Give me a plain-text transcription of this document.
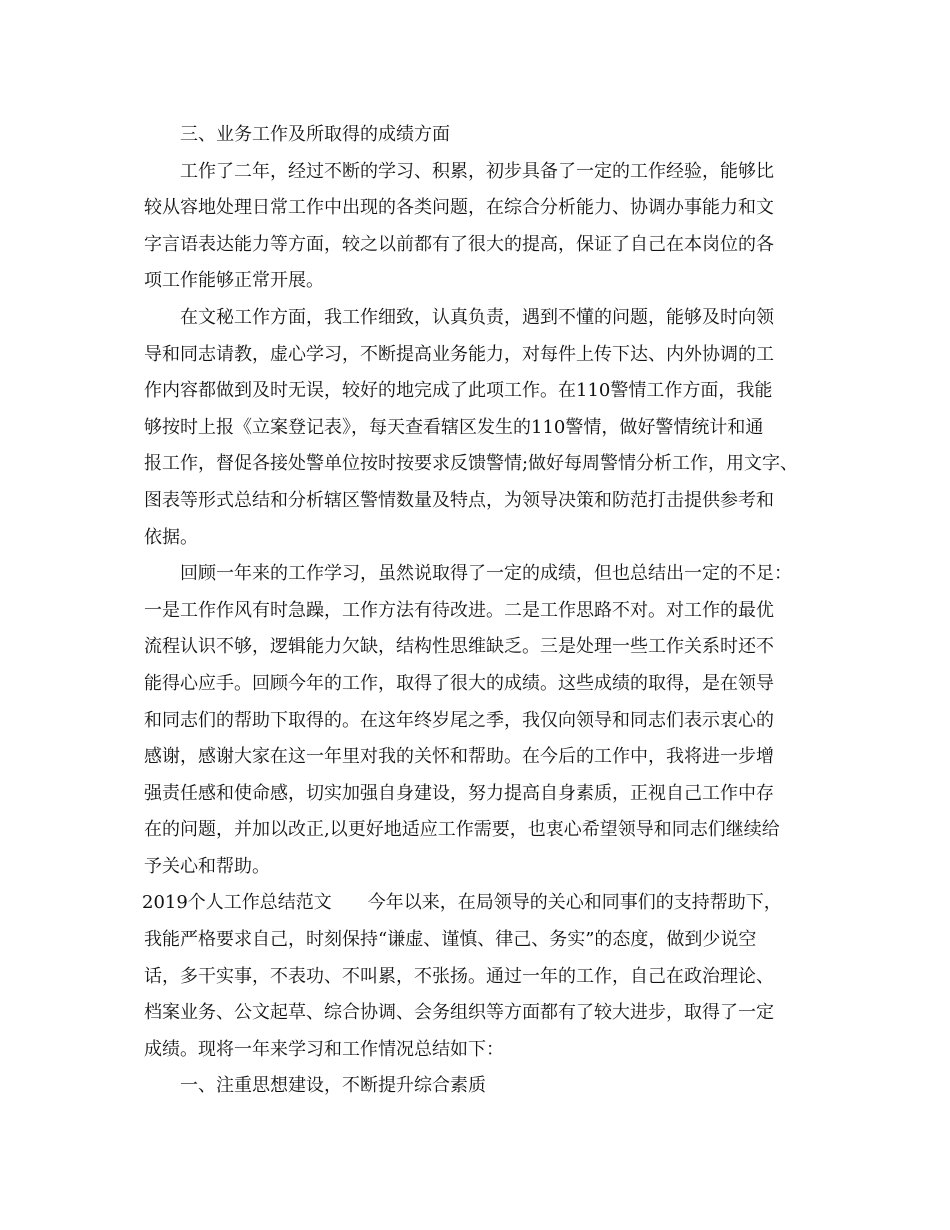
三、业务工作及所取得的成绩方面
工作了二年，经过不断的学习、积累，初步具备了一定的工作经验，能够比
较从容地处理日常工作中出现的各类问题，在综合分析能力、协调办事能力和文
字言语表达能力等方面，较之以前都有了很大的提高，保证了自己在本岗位的各
项工作能够正常开展。
在文秘工作方面，我工作细致，认真负责，遇到不懂的问题，能够及时向领
导和同志请教，虚心学习，不断提高业务能力，对每件上传下达、内外协调的工
作内容都做到及时无误，较好的地完成了此项工作。在110警情工作方面，我能
够按时上报《立案登记表》，每天查看辖区发生的110警情，做好警情统计和通
报工作，督促各接处警单位按时按要求反馈警情;做好每周警情分析工作，用文字、
图表等形式总结和分析辖区警情数量及特点，为领导决策和防范打击提供参考和
依据。
回顾一年来的工作学习，虽然说取得了一定的成绩，但也总结出一定的不足：
一是工作作风有时急躁，工作方法有待改进。二是工作思路不对。对工作的最优
流程认识不够，逻辑能力欠缺，结构性思维缺乏。三是处理一些工作关系时还不
能得心应手。回顾今年的工作，取得了很大的成绩。这些成绩的取得，是在领导
和同志们的帮助下取得的。在这年终岁尾之季，我仅向领导和同志们表示衷心的
感谢，感谢大家在这一年里对我的关怀和帮助。在今后的工作中，我将进一步增
强责任感和使命感，切实加强自身建设，努力提高自身素质，正视自己工作中存
在的问题，并加以改正,以更好地适应工作需要，也衷心希望领导和同志们继续给
予关心和帮助。
2019个人工作总结范文　　今年以来，在局领导的关心和同事们的支持帮助下，
我能严格要求自己，时刻保持“谦虚、谨慎、律己、务实”的态度，做到少说空
话，多干实事，不表功、不叫累，不张扬。通过一年的工作，自己在政治理论、
档案业务、公文起草、综合协调、会务组织等方面都有了较大进步，取得了一定
成绩。现将一年来学习和工作情况总结如下：
一、注重思想建设，不断提升综合素质
